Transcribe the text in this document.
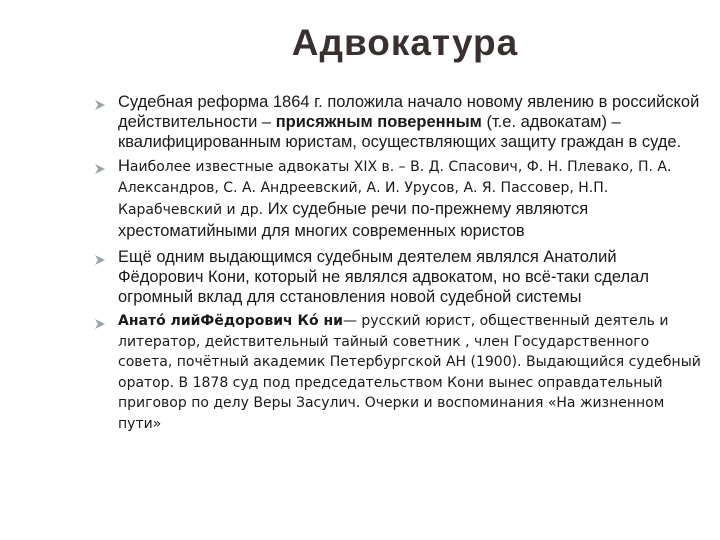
Адвокатура
Судебная реформа 1864 г. положила начало новому явлению в российской действительности – присяжным поверенным (т.е. адвокатам) – квалифицированным юристам, осуществляющих защиту граждан в суде.
Наиболее известные адвокаты XIX в. – В. Д. Спасович, Ф. Н. Плевако, П. А. Александров, С. А. Андреевский, А. И. Урусов, А. Я. Пассовер, Н.П. Карабчевский и др. Их судебные речи по-прежнему являются хрестоматийными для многих современных юристов
Ещё одним выдающимся судебным деятелем являлся Анатолий Фёдорович Кони, который не являлся адвокатом, но всё-таки сделал огромный вклад для сстановления новой судебной системы
Анато́ лийФёдорович Ко́ ни— русский юрист, общественный деятель и литератор, действительный тайный советник , член Государственного совета, почётный академик Петербургской АН (1900). Выдающийся судебный оратор. В 1878 суд под председательством Кони вынес оправдательный приговор по делу Веры Засулич. Очерки и воспоминания «На жизненном пути»
